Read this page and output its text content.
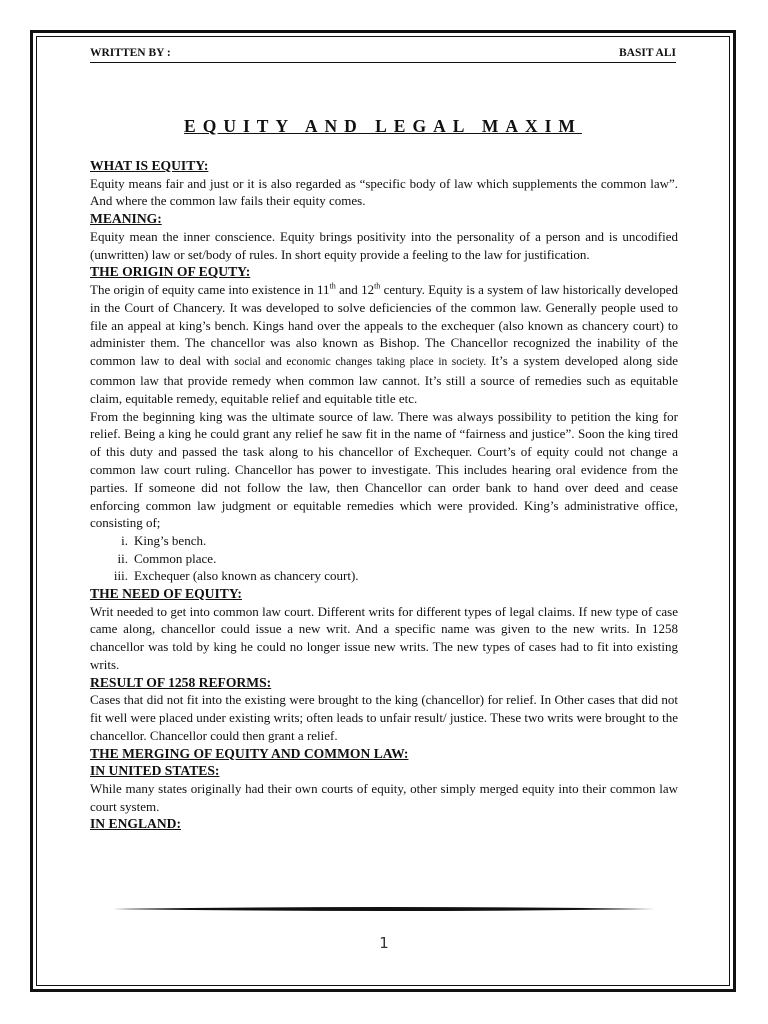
WRITTEN BY :	BASIT ALI
EQUITY AND LEGAL MAXIM
WHAT IS EQUITY:

Equity means fair and just or it is also regarded as “specific body of law which supplements the common law”. And where the common law fails their equity comes.

MEANING:

Equity mean the inner conscience. Equity brings positivity into the personality of a person and is uncodified (unwritten) law or set/body of rules. In short equity provide a feeling to the law for justification.

THE ORIGIN OF EQUTY:

The origin of equity came into existence in 11th and 12th century. Equity is a system of law historically developed in the Court of Chancery. It was developed to solve deficiencies of the common law. Generally people used to file an appeal at king’s bench. Kings hand over the appeals to the exchequer (also known as chancery court) to administer them. The chancellor was also known as Bishop. The Chancellor recognized the inability of the common law to deal with social and economic changes taking place in society. It’s a system developed along side common law that provide remedy when common law cannot. It’s still a source of remedies such as equitable claim, equitable remedy, equitable relief and equitable title etc.

From the beginning king was the ultimate source of law. There was always possibility to petition the king for relief. Being a king he could grant any relief he saw fit in the name of “fairness and justice”. Soon the king tired of this duty and passed the task along to his chancellor of Exchequer. Court’s of equity could not change a common law court ruling. Chancellor has power to investigate. This includes hearing oral evidence from the parties. If someone did not follow the law, then Chancellor can order bank to hand over deed and cease enforcing common law judgment or equitable remedies which were provided. King’s administrative office, consisting of;

i. King’s bench.
ii. Common place.
iii. Exchequer (also known as chancery court).
THE NEED OF EQUITY:

Writ needed to get into common law court. Different writs for different types of legal claims. If new type of case came along, chancellor could issue a new writ. And a specific name was given to the new writs. In 1258 chancellor was told by king he could no longer issue new writs. The new types of cases had to fit into existing writs.

RESULT OF 1258 REFORMS:

Cases that did not fit into the existing were brought to the king (chancellor) for relief. In Other cases that did not fit well were placed under existing writs; often leads to unfair result/ justice. These two writs were brought to the chancellor. Chancellor could then grant a relief.

THE MERGING OF EQUITY AND COMMON LAW:
IN UNITED STATES:

While many states originally had their own courts of equity, other simply merged equity into their common law court system.

IN ENGLAND:
1
